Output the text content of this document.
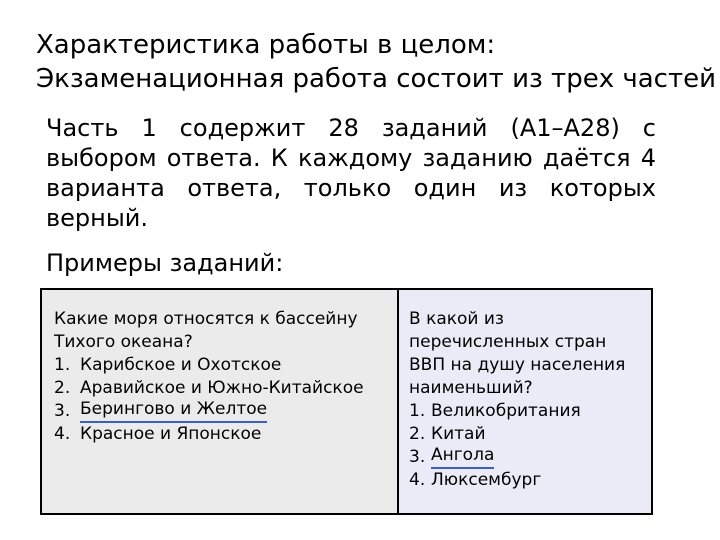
Характеристика работы в целом:
Экзаменационная работа состоит из трех частей
Часть 1 содержит 28 заданий (А1–А28) с выбором ответа. К каждому заданию даётся 4 варианта ответа, только один из которых верный.
Примеры заданий:
Какие моря относятся к бассейну Тихого океана?
1. Карибское и Охотское
2. Аравийское и Южно-Китайское
3. Берингово и Желтое
4. Красное и Японское
В какой из перечисленных стран ВВП на душу населения наименьший?
1. Великобритания
2. Китай
3. Ангола
4. Люксембург
